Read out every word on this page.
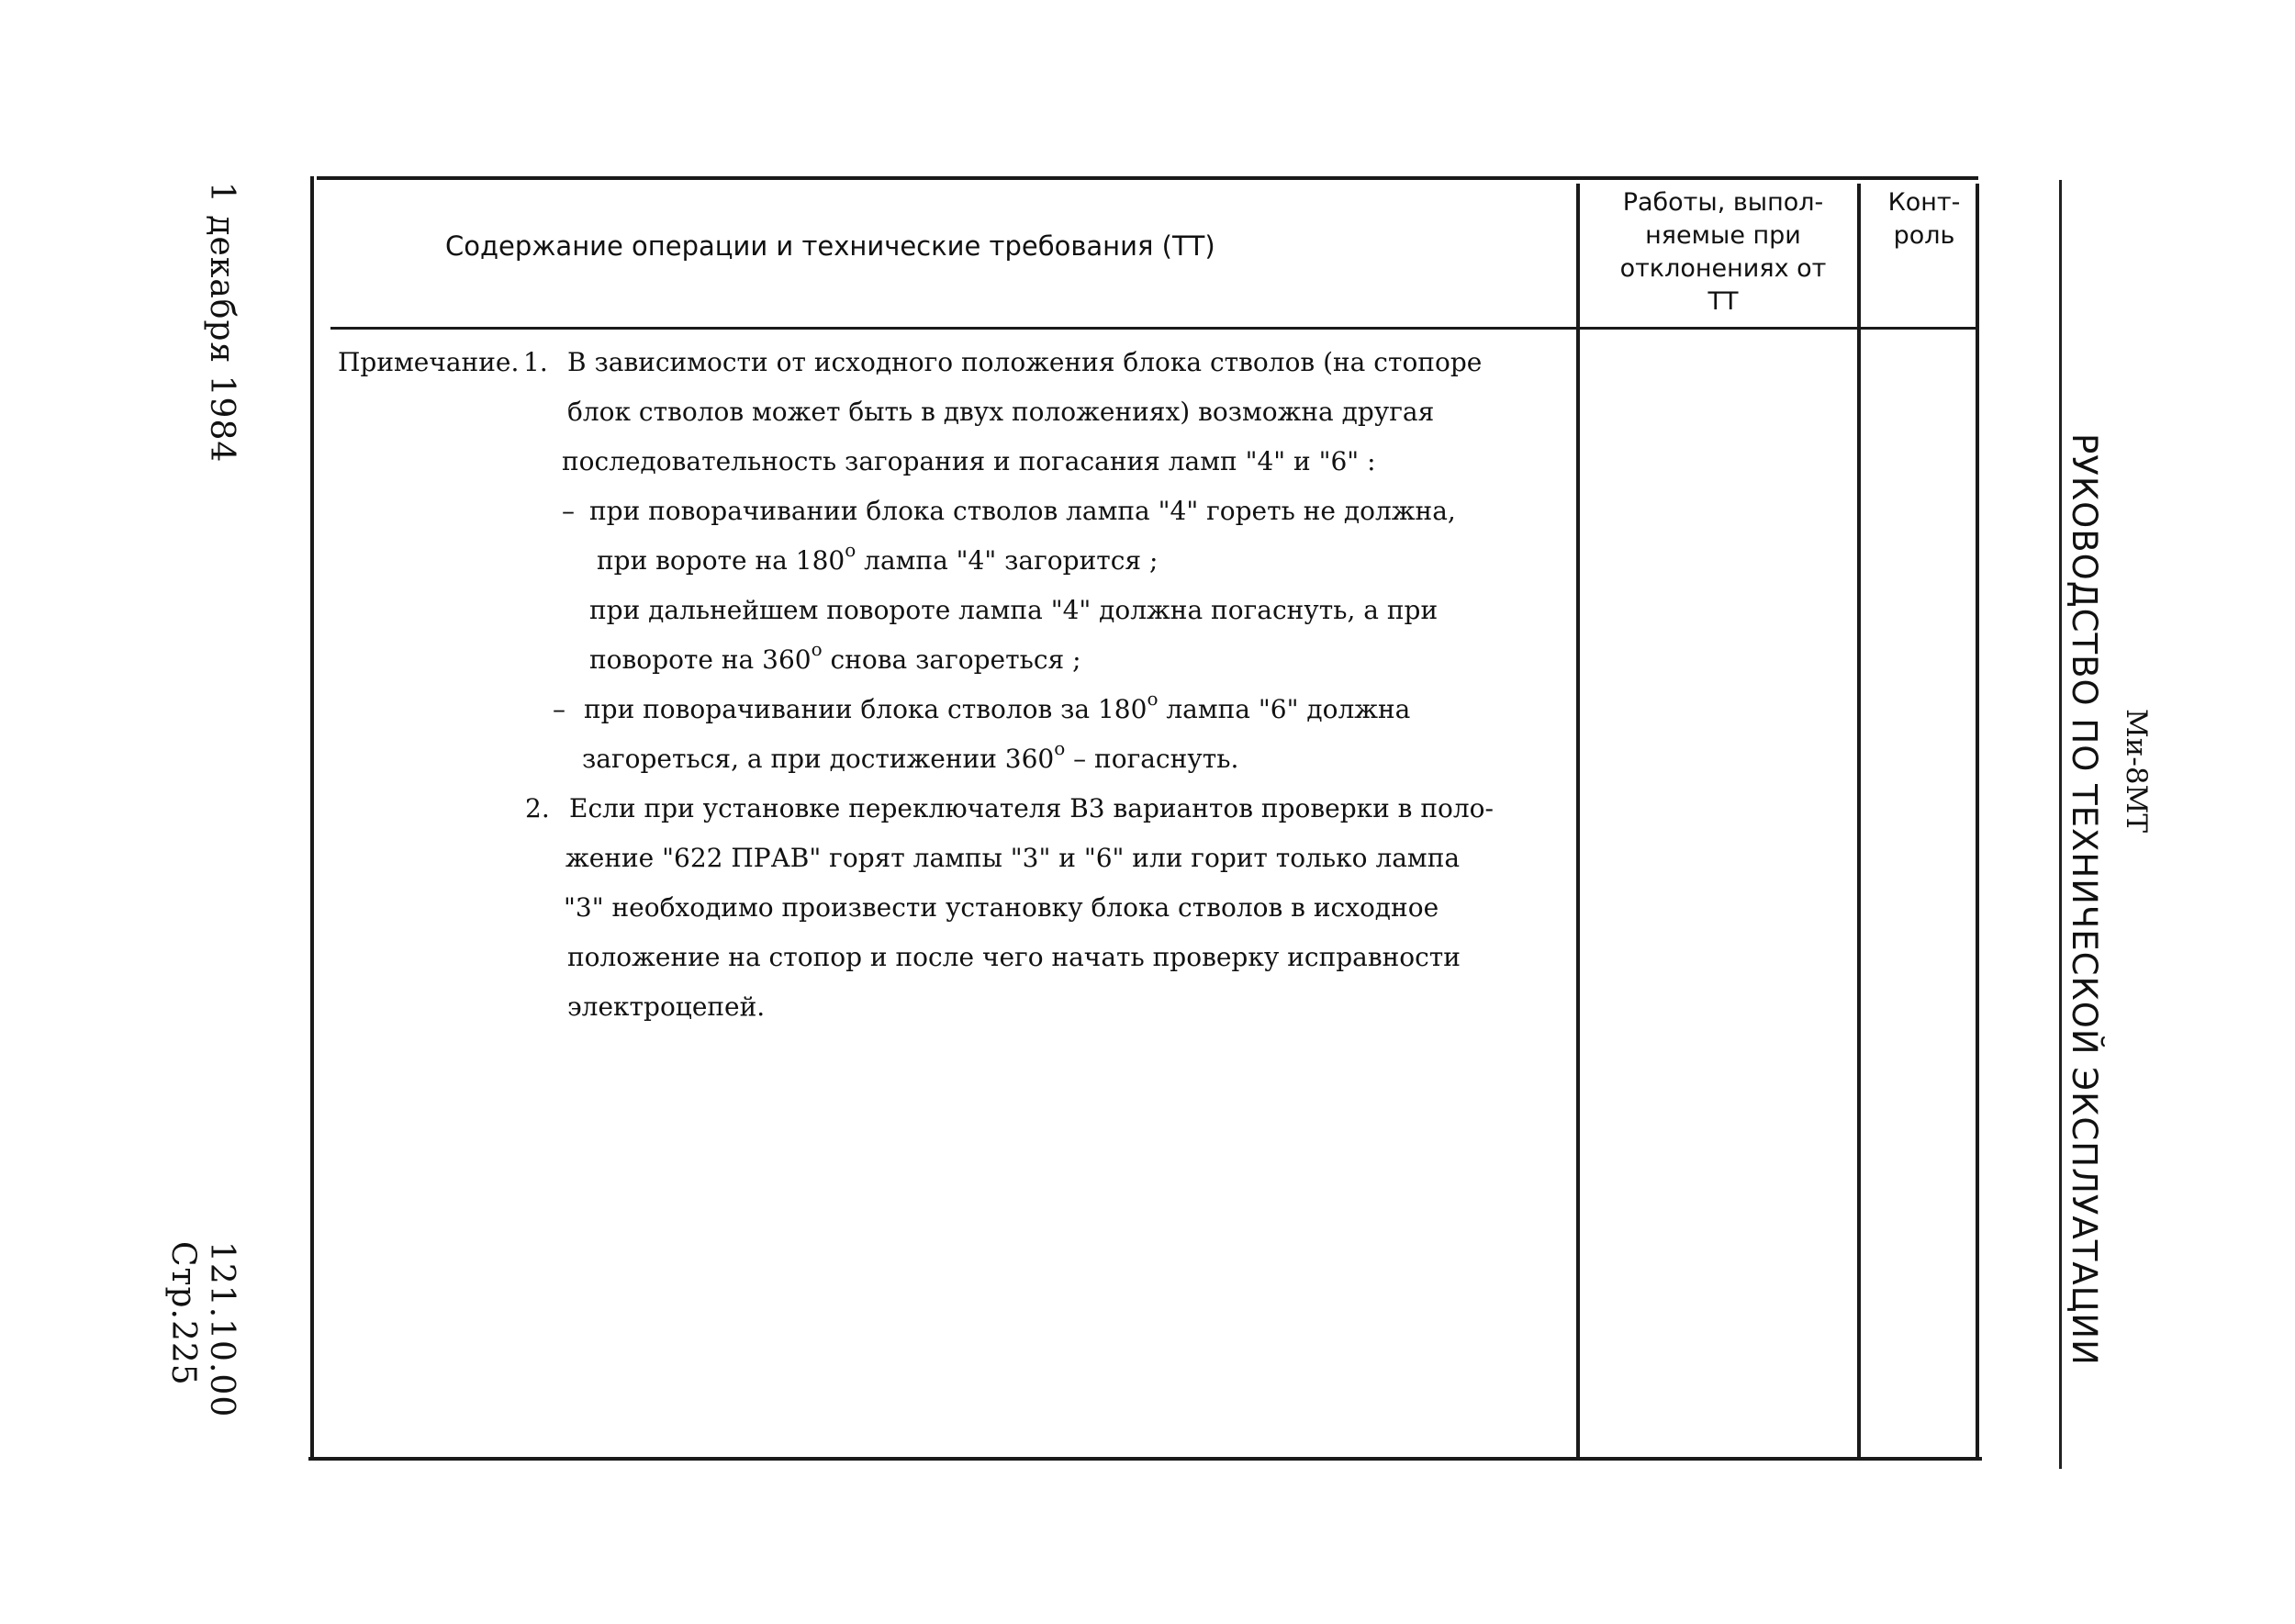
1 декабря 1984
121.10.00
Стр.225	РУКОВОДСТВО ПО ТЕХНИЧЕСКОЙ ЭКСПЛУАТАЦИИ Ми-8МТ
Содержание операции и технические требования (ТТ)
Работы, выпол-
няемые при
отклонениях от
ТТ
Конт-
роль
Примечание. 1. В зависимости от исходного положения блока стволов (на стопоре
блок стволов может быть в двух положениях) возможна другая
последовательность загорания и погасания ламп "4" и "6" :
– при поворачивании блока стволов лампа "4" гореть не должна,
при вороте на 180$^o$ лампа "4" загорится ;
при дальнейшем повороте лампа "4" должна погаснуть, а при
повороте на 360$^o$ снова загореться ;
– при поворачивании блока стволов за 180$^o$ лампа "6" должна
загореться, а при достижении 360$^o$ – погаснуть.
2. Если при установке переключателя В3 вариантов проверки в поло-
жение "622 ПРАВ" горят лампы "3" и "6" или горит только лампа
"3" необходимо произвести установку блока стволов в исходное
положение на стопор и после чего начать проверку исправности
электроцепей.
